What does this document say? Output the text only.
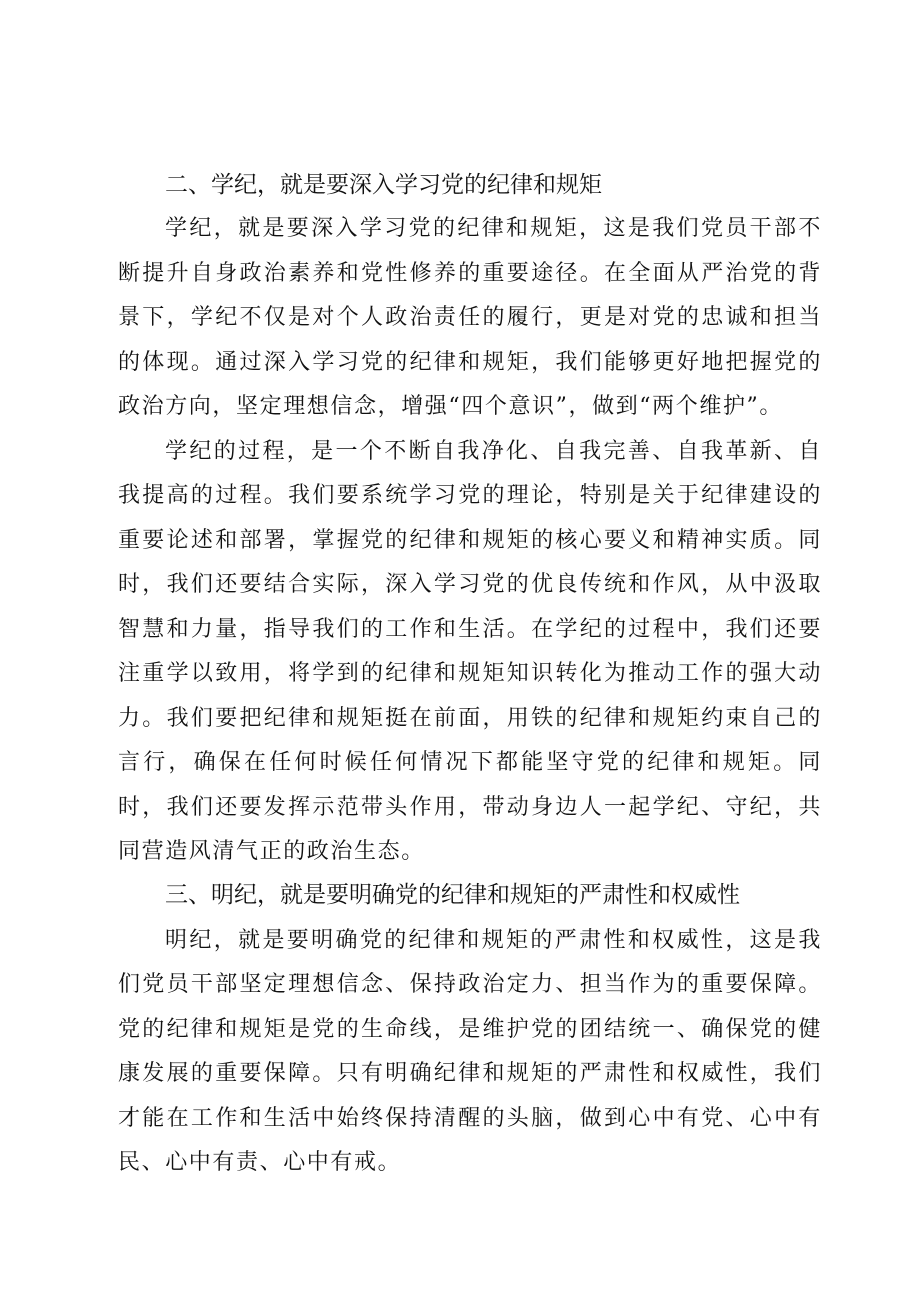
二、学纪，就是要深入学习党的纪律和规矩

学纪，就是要深入学习党的纪律和规矩，这是我们党员干部不断提升自身政治素养和党性修养的重要途径。在全面从严治党的背景下，学纪不仅是对个人政治责任的履行，更是对党的忠诚和担当的体现。通过深入学习党的纪律和规矩，我们能够更好地把握党的政治方向，坚定理想信念，增强“四个意识”，做到“两个维护”。

学纪的过程，是一个不断自我净化、自我完善、自我革新、自我提高的过程。我们要系统学习党的理论，特别是关于纪律建设的重要论述和部署，掌握党的纪律和规矩的核心要义和精神实质。同时，我们还要结合实际，深入学习党的优良传统和作风，从中汲取智慧和力量，指导我们的工作和生活。在学纪的过程中，我们还要注重学以致用，将学到的纪律和规矩知识转化为推动工作的强大动力。我们要把纪律和规矩挺在前面，用铁的纪律和规矩约束自己的言行，确保在任何时候任何情况下都能坚守党的纪律和规矩。同时，我们还要发挥示范带头作用，带动身边人一起学纪、守纪，共同营造风清气正的政治生态。

三、明纪，就是要明确党的纪律和规矩的严肃性和权威性

明纪，就是要明确党的纪律和规矩的严肃性和权威性，这是我们党员干部坚定理想信念、保持政治定力、担当作为的重要保障。党的纪律和规矩是党的生命线，是维护党的团结统一、确保党的健康发展的重要保障。只有明确纪律和规矩的严肃性和权威性，我们才能在工作和生活中始终保持清醒的头脑，做到心中有党、心中有民、心中有责、心中有戒。
